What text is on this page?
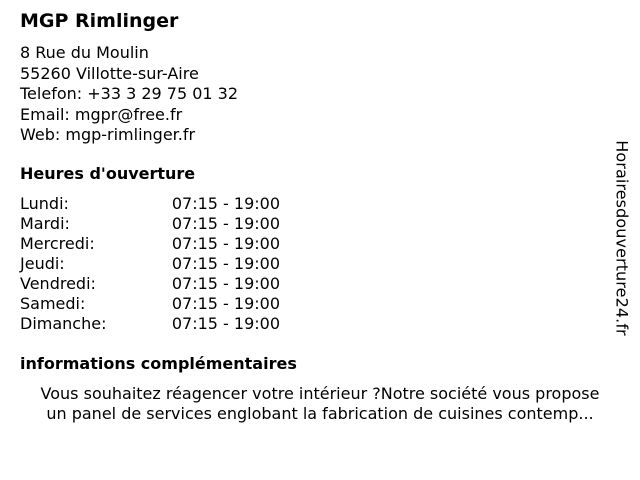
MGP Rimlinger
8 Rue du Moulin
55260 Villotte-sur-Aire
Telefon: +33 3 29 75 01 32
Email: mgpr@free.fr
Web: mgp-rimlinger.fr
Heures d'ouverture
Lundi:	07:15 - 19:00
Mardi:	07:15 - 19:00
Mercredi:	07:15 - 19:00
Jeudi:	07:15 - 19:00
Vendredi:	07:15 - 19:00
Samedi:	07:15 - 19:00
Dimanche:	07:15 - 19:00
informations complémentaires
Vous souhaitez réagencer votre intérieur ?Notre société vous propose
un panel de services englobant la fabrication de cuisines contemp...
Horairesdouverture24.fr
